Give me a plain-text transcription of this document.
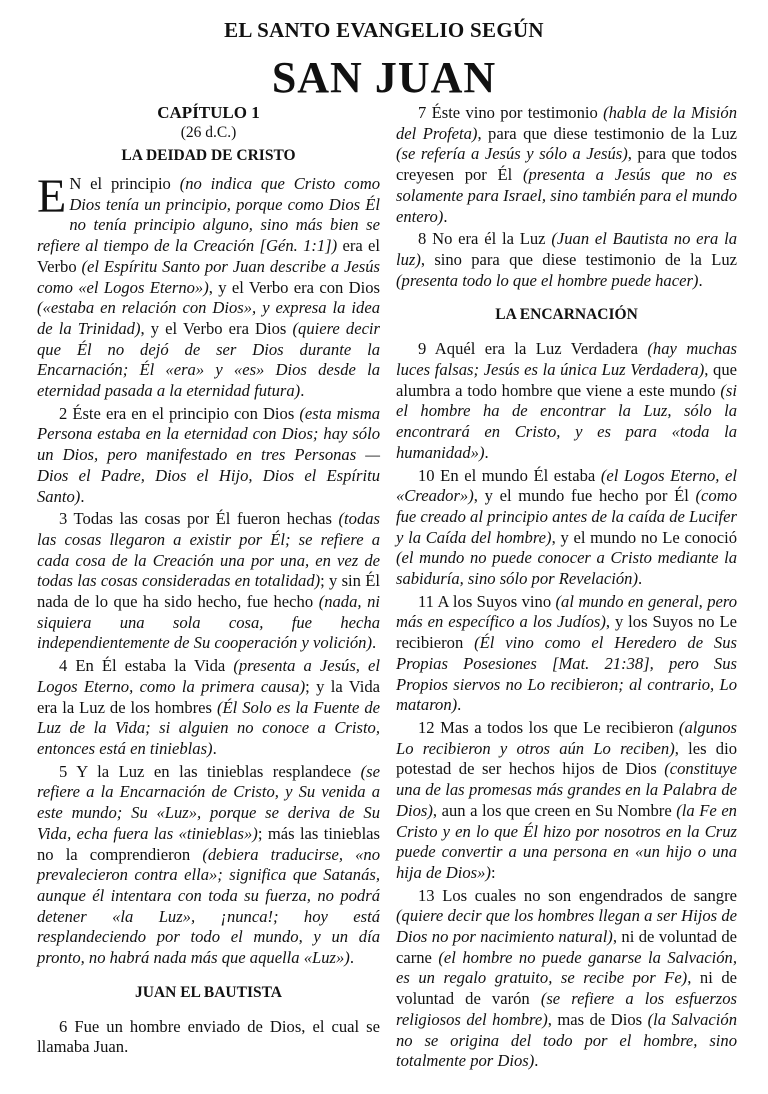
EL SANTO EVANGELIO SEGÚN
SAN JUAN
CAPÍTULO 1
(26 d.C.)
LA DEIDAD DE CRISTO

E N el principio (no indica que Cristo como Dios tenía un principio, porque como Dios Él no tenía principio alguno, sino más bien se refiere al tiempo de la Creación [Gén. 1:1]) era el Verbo (el Espíritu Santo por Juan describe a Jesús como «el Logos Eterno»), y el Verbo era con Dios («estaba en relación con Dios», y expresa la idea de la Trinidad), y el Verbo era Dios (quiere decir que Él no dejó de ser Dios durante la Encarnación; Él «era» y «es» Dios desde la eternidad pasada a la eternidad futura).

2 Éste era en el principio con Dios (esta misma Persona estaba en la eternidad con Dios; hay sólo un Dios, pero manifestado en tres Personas — Dios el Padre, Dios el Hijo, Dios el Espíritu Santo).

3 Todas las cosas por Él fueron hechas (todas las cosas llegaron a existir por Él; se refiere a cada cosa de la Creación una por una, en vez de todas las cosas consideradas en totalidad); y sin Él nada de lo que ha sido hecho, fue hecho (nada, ni siquiera una sola cosa, fue hecha independientemente de Su cooperación y volición).

4 En Él estaba la Vida (presenta a Jesús, el Logos Eterno, como la primera causa); y la Vida era la Luz de los hombres (Él Solo es la Fuente de Luz de la Vida; si alguien no conoce a Cristo, entonces está en tinieblas).

5 Y la Luz en las tinieblas resplandece (se refiere a la Encarnación de Cristo, y Su venida a este mundo; Su «Luz», porque se deriva de Su Vida, echa fuera las «tinieblas»); más las tinieblas no la comprendieron (debiera traducirse, «no prevalecieron contra ella»; significa que Satanás, aunque él intentara con toda su fuerza, no podrá detener «la Luz», ¡nunca!; hoy está resplandeciendo por todo el mundo, y un día pronto, no habrá nada más que aquella «Luz»).

JUAN EL BAUTISTA

6 Fue un hombre enviado de Dios, el cual se llamaba Juan.

7 Éste vino por testimonio (habla de la Misión del Profeta), para que diese testimonio de la Luz (se refería a Jesús y sólo a Jesús), para que todos creyesen por Él (presenta a Jesús que no es solamente para Israel, sino también para el mundo entero).

8 No era él la Luz (Juan el Bautista no era la luz), sino para que diese testimonio de la Luz (presenta todo lo que el hombre puede hacer).

LA ENCARNACIÓN

9 Aquél era la Luz Verdadera (hay muchas luces falsas; Jesús es la única Luz Verdadera), que alumbra a todo hombre que viene a este mundo (si el hombre ha de encontrar la Luz, sólo la encontrará en Cristo, y es para «toda la humanidad»).

10 En el mundo Él estaba (el Logos Eterno, el «Creador»), y el mundo fue hecho por Él (como fue creado al principio antes de la caída de Lucifer y la Caída del hombre), y el mundo no Le conoció (el mundo no puede conocer a Cristo mediante la sabiduría, sino sólo por Revelación).

11 A los Suyos vino (al mundo en general, pero más en específico a los Judíos), y los Suyos no Le recibieron (Él vino como el Heredero de Sus Propias Posesiones [Mat. 21:38], pero Sus Propios siervos no Lo recibieron; al contrario, Lo mataron).

12 Mas a todos los que Le recibieron (algunos Lo recibieron y otros aún Lo reciben), les dio potestad de ser hechos hijos de Dios (constituye una de las promesas más grandes en la Palabra de Dios), aun a los que creen en Su Nombre (la Fe en Cristo y en lo que Él hizo por nosotros en la Cruz puede convertir a una persona en «un hijo o una hija de Dios»):

13 Los cuales no son engendrados de sangre (quiere decir que los hombres llegan a ser Hijos de Dios no por nacimiento natural), ni de voluntad de carne (el hombre no puede ganarse la Salvación, es un regalo gratuito, se recibe por Fe), ni de voluntad de varón (se refiere a los esfuerzos religiosos del hombre), mas de Dios (la Salvación no se origina del todo por el hombre, sino totalmente por Dios).
